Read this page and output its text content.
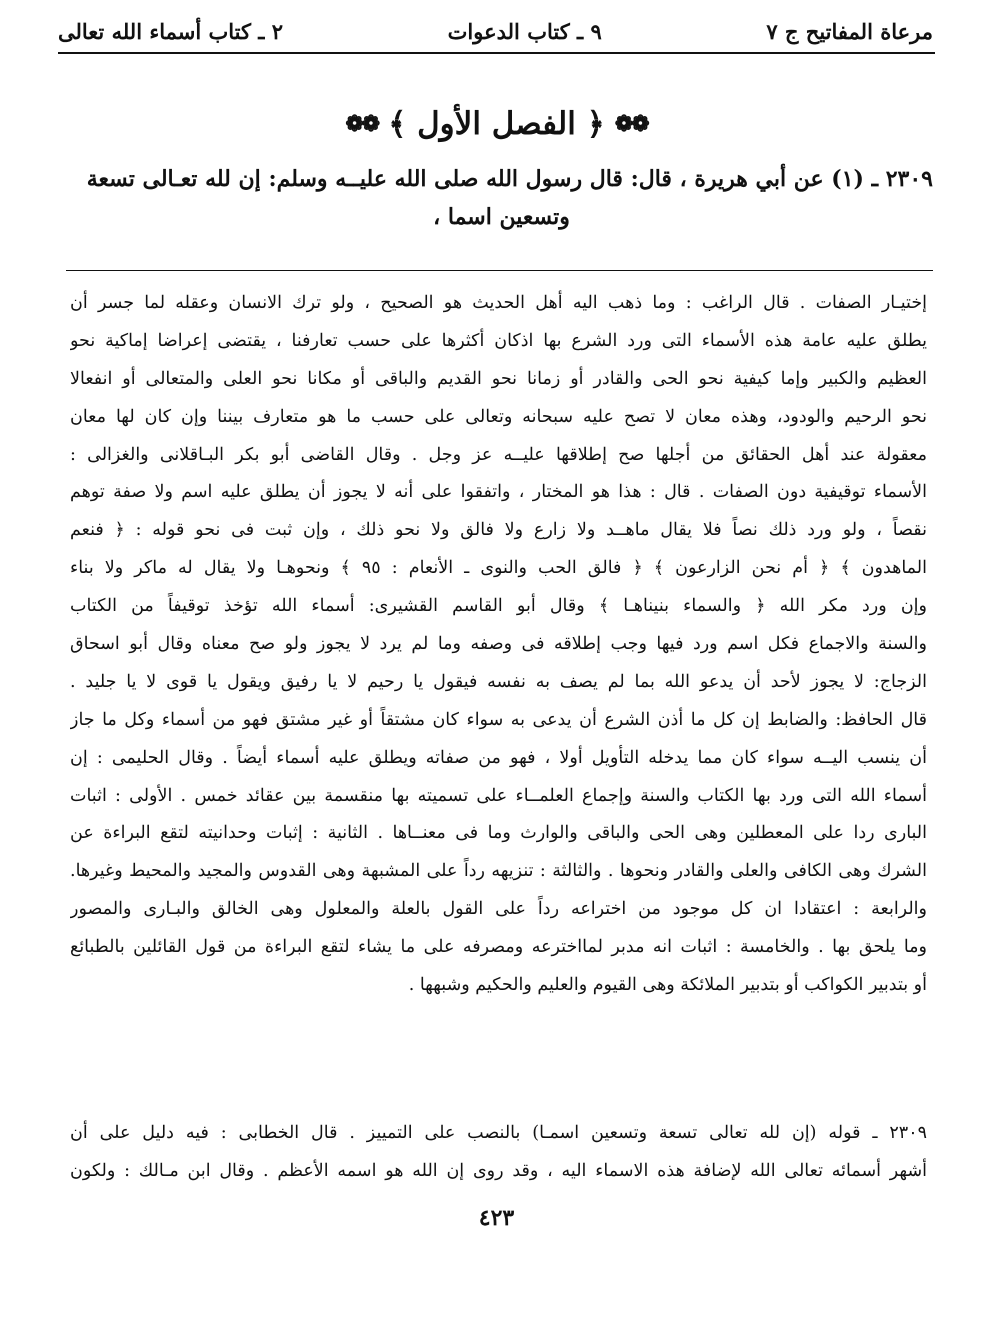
مرعاة المفاتيح ج ٧
٩ ـ كتاب الدعوات
٢ ـ كتاب أسماء الله تعالى
❁❁
﴿ الفصل الأول ﴾
❁❁
٢٣٠٩ ـ (١) عن أبي هريرة ، قال: قال رسول الله صلى الله عليــه وسلم: إن لله تعـالى تسعة
وتسعين اسما ،
إختيـار الصفات . قال الراغب : وما ذهب اليه أهل الحديث هو الصحيح ، ولو ترك الانسان وعقله لما جسر أن
يطلق عليه عامة هذه الأسماء التى ورد الشرع بها اذكان أكثرها على حسب تعارفنا ، يقتضى إعراضا إماكية نحو
العظيم والكبير وإما كيفية نحو الحى والقادر أو زمانا نحو القديم والباقى أو مكانا نحو العلى والمتعالى أو انفعالا
نحو الرحيم والودود، وهذه معان لا تصح عليه سبحانه وتعالى على حسب ما هو متعارف بيننا وإن كان لها معان
معقولة عند أهل الحقائق من أجلها صح إطلاقها عليــه عز وجل . وقال القاضى أبو بكر البـاقلانى والغزالى :
الأسماء توقيفية دون الصفات . قال : هذا هو المختار ، واتفقوا على أنه لا يجوز أن يطلق عليه اسم ولا صفة توهم
نقصاً ، ولو ورد ذلك نصاً فلا يقال ماهــد ولا زارع ولا فالق ولا نحو ذلك ، وإن ثبت فى نحو قوله : ﴿ فنعم
الماهدون ﴾ ﴿ أم نحن الزارعون ﴾ ﴿ فالق الحب والنوى ـ الأنعام : ٩٥ ﴾ ونحوهـا ولا يقال له ماكر ولا بناء
وإن ورد مكر الله ﴿ والسماء بنينا‌هـا ﴾ وقال أبو القاسم القشيرى: أسماء الله تؤخذ توقيفاً من الكتاب
والسنة والاجماع فكل اسم ورد فيها وجب إطلاقه فى وصفه وما لم يرد لا يجوز ولو صح معناه وقال أبو اسحاق
الزجاج: لا يجوز لأحد أن يدعو الله بما لم يصف به نفسه فيقول يا رحيم لا يا رفيق ويقول يا قوى لا يا جليد .
قال الحافظ: والضابط إن كل ما أذن الشرع أن يدعى به سواء كان مشتقاً أو غير مشتق فهو من أسماء وكل ما جاز
أن ينسب اليــه سواء كان مما يدخله التأويل أولا ، فهو من صفاته ويطلق عليه أسماء أيضاً . وقال الحليمى : إن
أسماء الله التى ورد بها الكتاب والسنة وإجماع العلمــاء على تسميته بها منقسمة بين عقائد خمس . الأولى : اثبات
البارى ردا على المعطلين وهى الحى والباقى والوارث وما فى معنــاها . الثانية : إثبات وحدانيته لتقع البراءة عن
الشرك وهى الكافى والعلى والقادر ونحوها . والثالثة : تنزيهه رداً على المشبهة وهى القدوس والمجيد والمحيط وغيرها.
والرابعة : اعتقادا ان كل موجود من اختراعه رداً على القول بالعلة والمعلول وهى الخالق والبـارى والمصور
وما يلحق بها . والخامسة : اثبات انه مدبر لمااخترعه ومصرفه على ما يشاء لتقع البراءة من قول القائلين بالطبائع
أو بتدبير الكواكب أو بتدبير الملائكة وهى القيوم والعليم والحكيم وشبهها .
٢٣٠٩ ـ قوله (إن لله تعالى تسعة وتسعين اسمـا) بالنصب على التمييز . قال الخطابى : فيه دليل على أن
أشهر أسمائه تعالى الله لإضافة هذه الاسماء اليه ، وقد روى إن الله هو اسمه الأعظم . وقال ابن مـالك : ولكون
٤٢٣
